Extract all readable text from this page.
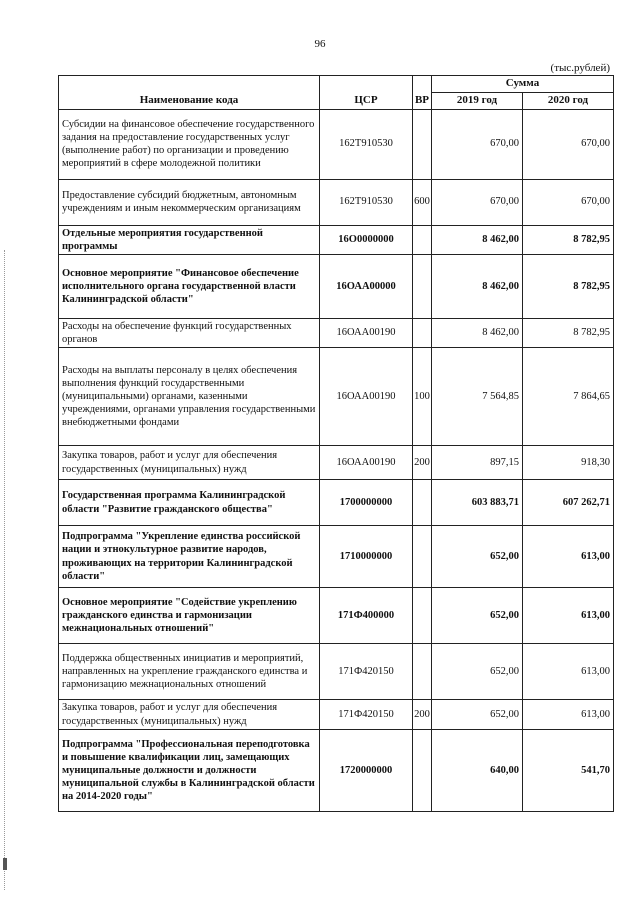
96
(тыс.рублей)
Наименование кода	ЦСР	ВР	Сумма	
			2019 год	2020 год
Субсидии на финансовое обеспечение государственного задания на предоставление государственных услуг (выполнение работ) по организации и проведению мероприятий в сфере молодежной политики	162Т910530		670,00	670,00
Предоставление субсидий бюджетным, автономным учреждениям и иным некоммерческим организациям	162Т910530	600	670,00	670,00
Отдельные мероприятия государственной программы	16О0000000		8 462,00	8 782,95
Основное мероприятие "Финансовое обеспечение исполнительного органа государственной власти Калининградской области"	16ОАА00000		8 462,00	8 782,95
Расходы на обеспечение функций государственных органов	16ОАА00190		8 462,00	8 782,95
Расходы на выплаты персоналу в целях обеспечения выполнения функций государственными (муниципальными) органами, казенными учреждениями, органами управления государственными внебюджетными фондами	16ОАА00190	100	7 564,85	7 864,65
Закупка товаров, работ и услуг для обеспечения государственных (муниципальных) нужд	16ОАА00190	200	897,15	918,30
Государственная программа Калининградской области "Развитие гражданского общества"	1700000000		603 883,71	607 262,71
Подпрограмма "Укрепление единства российской нации и этнокультурное развитие народов, проживающих на территории Калининградской области"	1710000000		652,00	613,00
Основное мероприятие "Содействие укреплению гражданского единства и гармонизации межнациональных отношений"	171Ф400000		652,00	613,00
Поддержка общественных инициатив и мероприятий, направленных на укрепление гражданского единства и гармонизацию межнациональных отношений	171Ф420150		652,00	613,00
Закупка товаров, работ и услуг для обеспечения государственных (муниципальных) нужд	171Ф420150	200	652,00	613,00
Подпрограмма "Профессиональная переподготовка и повышение квалификации лиц, замещающих муниципальные должности и должности муниципальной службы в Калининградской области на 2014-2020 годы"	1720000000		640,00	541,70
